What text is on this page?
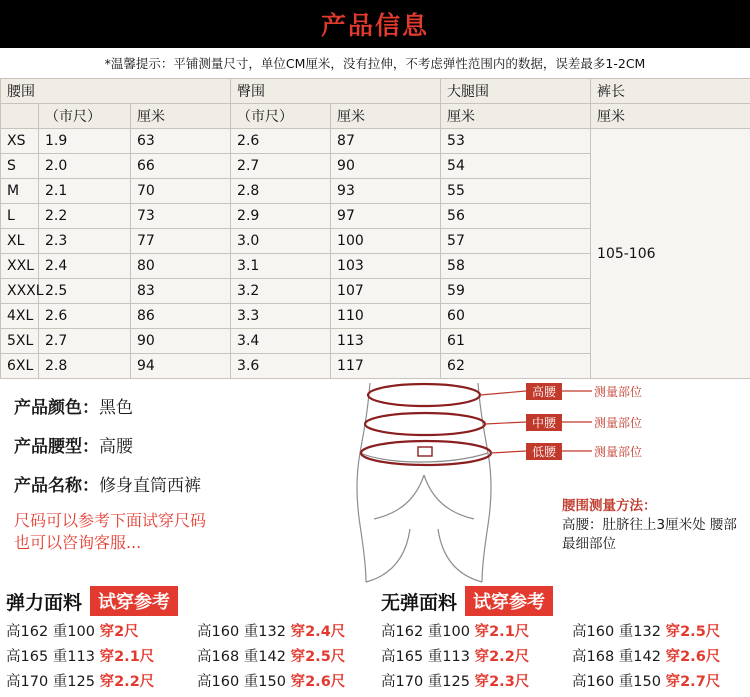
产品信息
*温馨提示：平铺测量尺寸，单位CM厘米，没有拉伸，不考虑弹性范围内的数据，误差最多1-2CM
腰围			臀围		大腿围	裤长
	（市尺）	厘米	（市尺）	厘米	厘米	厘米
XS	1.9	63	2.6	87	53	105-106
S	2.0	66	2.7	90	54	
M	2.1	70	2.8	93	55	
L	2.2	73	2.9	97	56	
XL	2.3	77	3.0	100	57	
XXL	2.4	80	3.1	103	58	
XXXL	2.5	83	3.2	107	59	
4XL	2.6	86	3.3	110	60	
5XL	2.7	90	3.4	113	61	
6XL	2.8	94	3.6	117	62	
产品颜色：黑色
产品腰型：高腰
产品名称：修身直筒西裤
尺码可以参考下面试穿尺码
也可以咨询客服...
高腰
中腰
低腰
测量部位
测量部位
测量部位
腰围测量方法：
高腰：肚脐往上3厘米处 腰部最细部位
弹力面料 试穿参考
高162 重100 穿2尺	高160 重132 穿2.4尺
高165 重113 穿2.1尺	高168 重142 穿2.5尺
高170 重125 穿2.2尺	高160 重150 穿2.6尺
无弹面料 试穿参考
高162 重100 穿2.1尺	高160 重132 穿2.5尺
高165 重113 穿2.2尺	高168 重142 穿2.6尺
高170 重125 穿2.3尺	高160 重150 穿2.7尺
